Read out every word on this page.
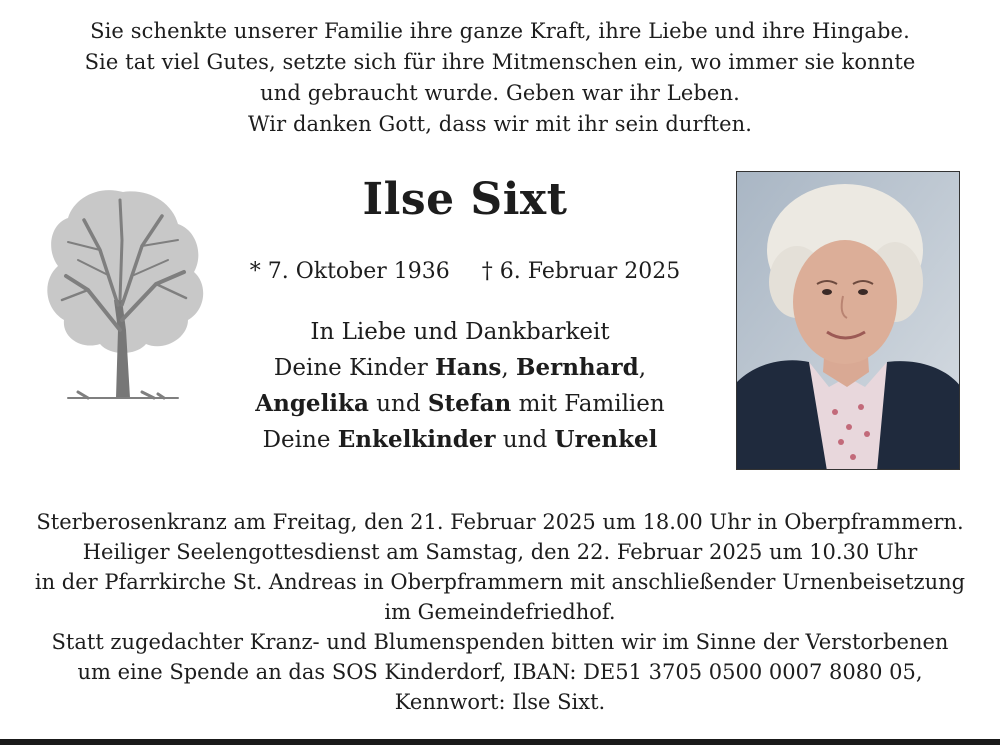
Sie schenkte unserer Familie ihre ganze Kraft, ihre Liebe und ihre Hingabe.
Sie tat viel Gutes, setzte sich für ihre Mitmenschen ein, wo immer sie konnte
und gebraucht wurde. Geben war ihr Leben.
Wir danken Gott, dass wir mit ihr sein durften.
Ilse Sixt
* 7. Oktober 1936 † 6. Februar 2025
In Liebe und Dankbarkeit
Deine Kinder Hans, Bernhard,
Angelika und Stefan mit Familien
Deine Enkelkinder und Urenkel
Sterberosenkranz am Freitag, den 21. Februar 2025 um 18.00 Uhr in Oberpframmern.
Heiliger Seelengottesdienst am Samstag, den 22. Februar 2025 um 10.30 Uhr
in der Pfarrkirche St. Andreas in Oberpframmern mit anschließender Urnenbeisetzung
im Gemeindefriedhof.
Statt zugedachter Kranz- und Blumenspenden bitten wir im Sinne der Verstorbenen
um eine Spende an das SOS Kinderdorf, IBAN: DE51 3705 0500 0007 8080 05,
Kennwort: Ilse Sixt.
